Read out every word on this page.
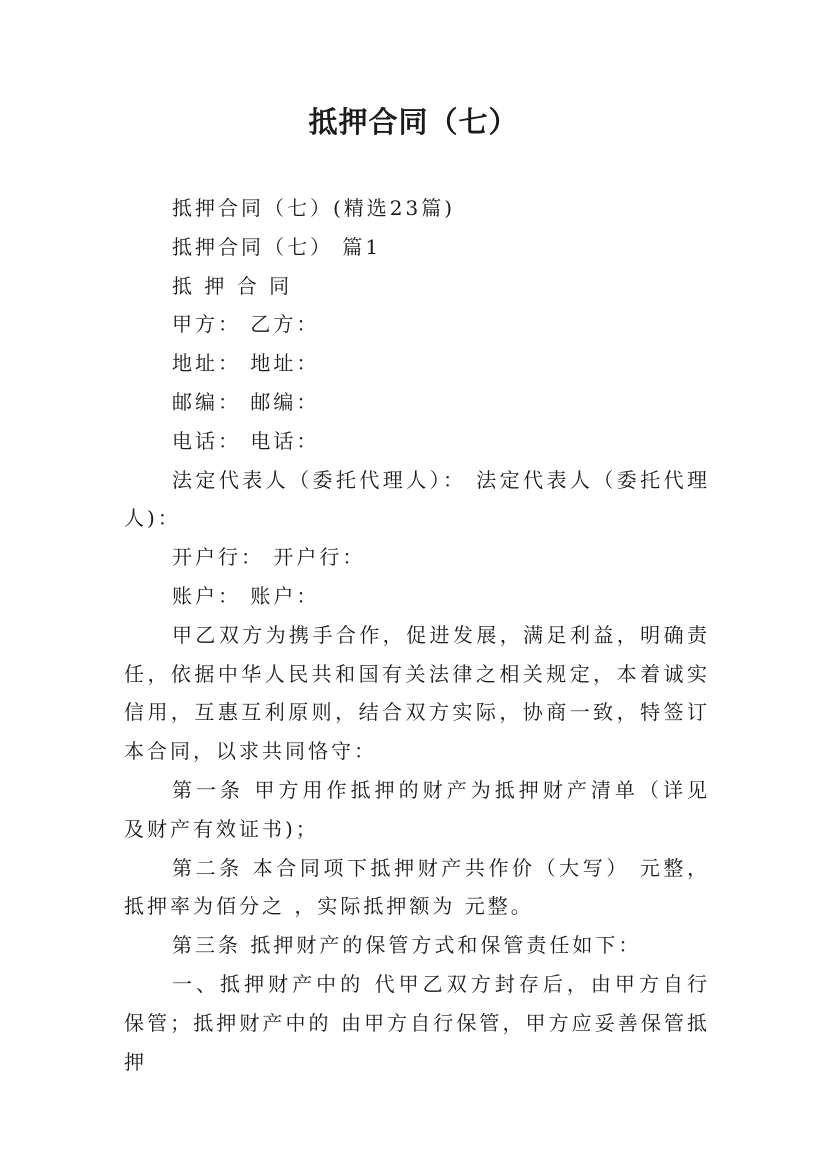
抵押合同（七）

抵押合同（七）(精选23篇)

抵押合同（七） 篇1

抵 押 合 同

甲方： 乙方：

地址： 地址：

邮编： 邮编：

电话： 电话：

法定代表人（委托代理人）： 法定代表人（委托代理人)：

开户行： 开户行：

账户： 账户：

甲乙双方为携手合作，促进发展，满足利益，明确责任，依据中华人民共和国有关法律之相关规定，本着诚实信用，互惠互利原则，结合双方实际，协商一致，特签订本合同，以求共同恪守：

第一条 甲方用作抵押的财产为抵押财产清单（详见及财产有效证书)；

第二条 本合同项下抵押财产共作价（大写） 元整，抵押率为佰分之 ，实际抵押额为 元整。

第三条 抵押财产的保管方式和保管责任如下：

一、抵押财产中的 代甲乙双方封存后，由甲方自行保管；抵押财产中的 由甲方自行保管，甲方应妥善保管抵押
